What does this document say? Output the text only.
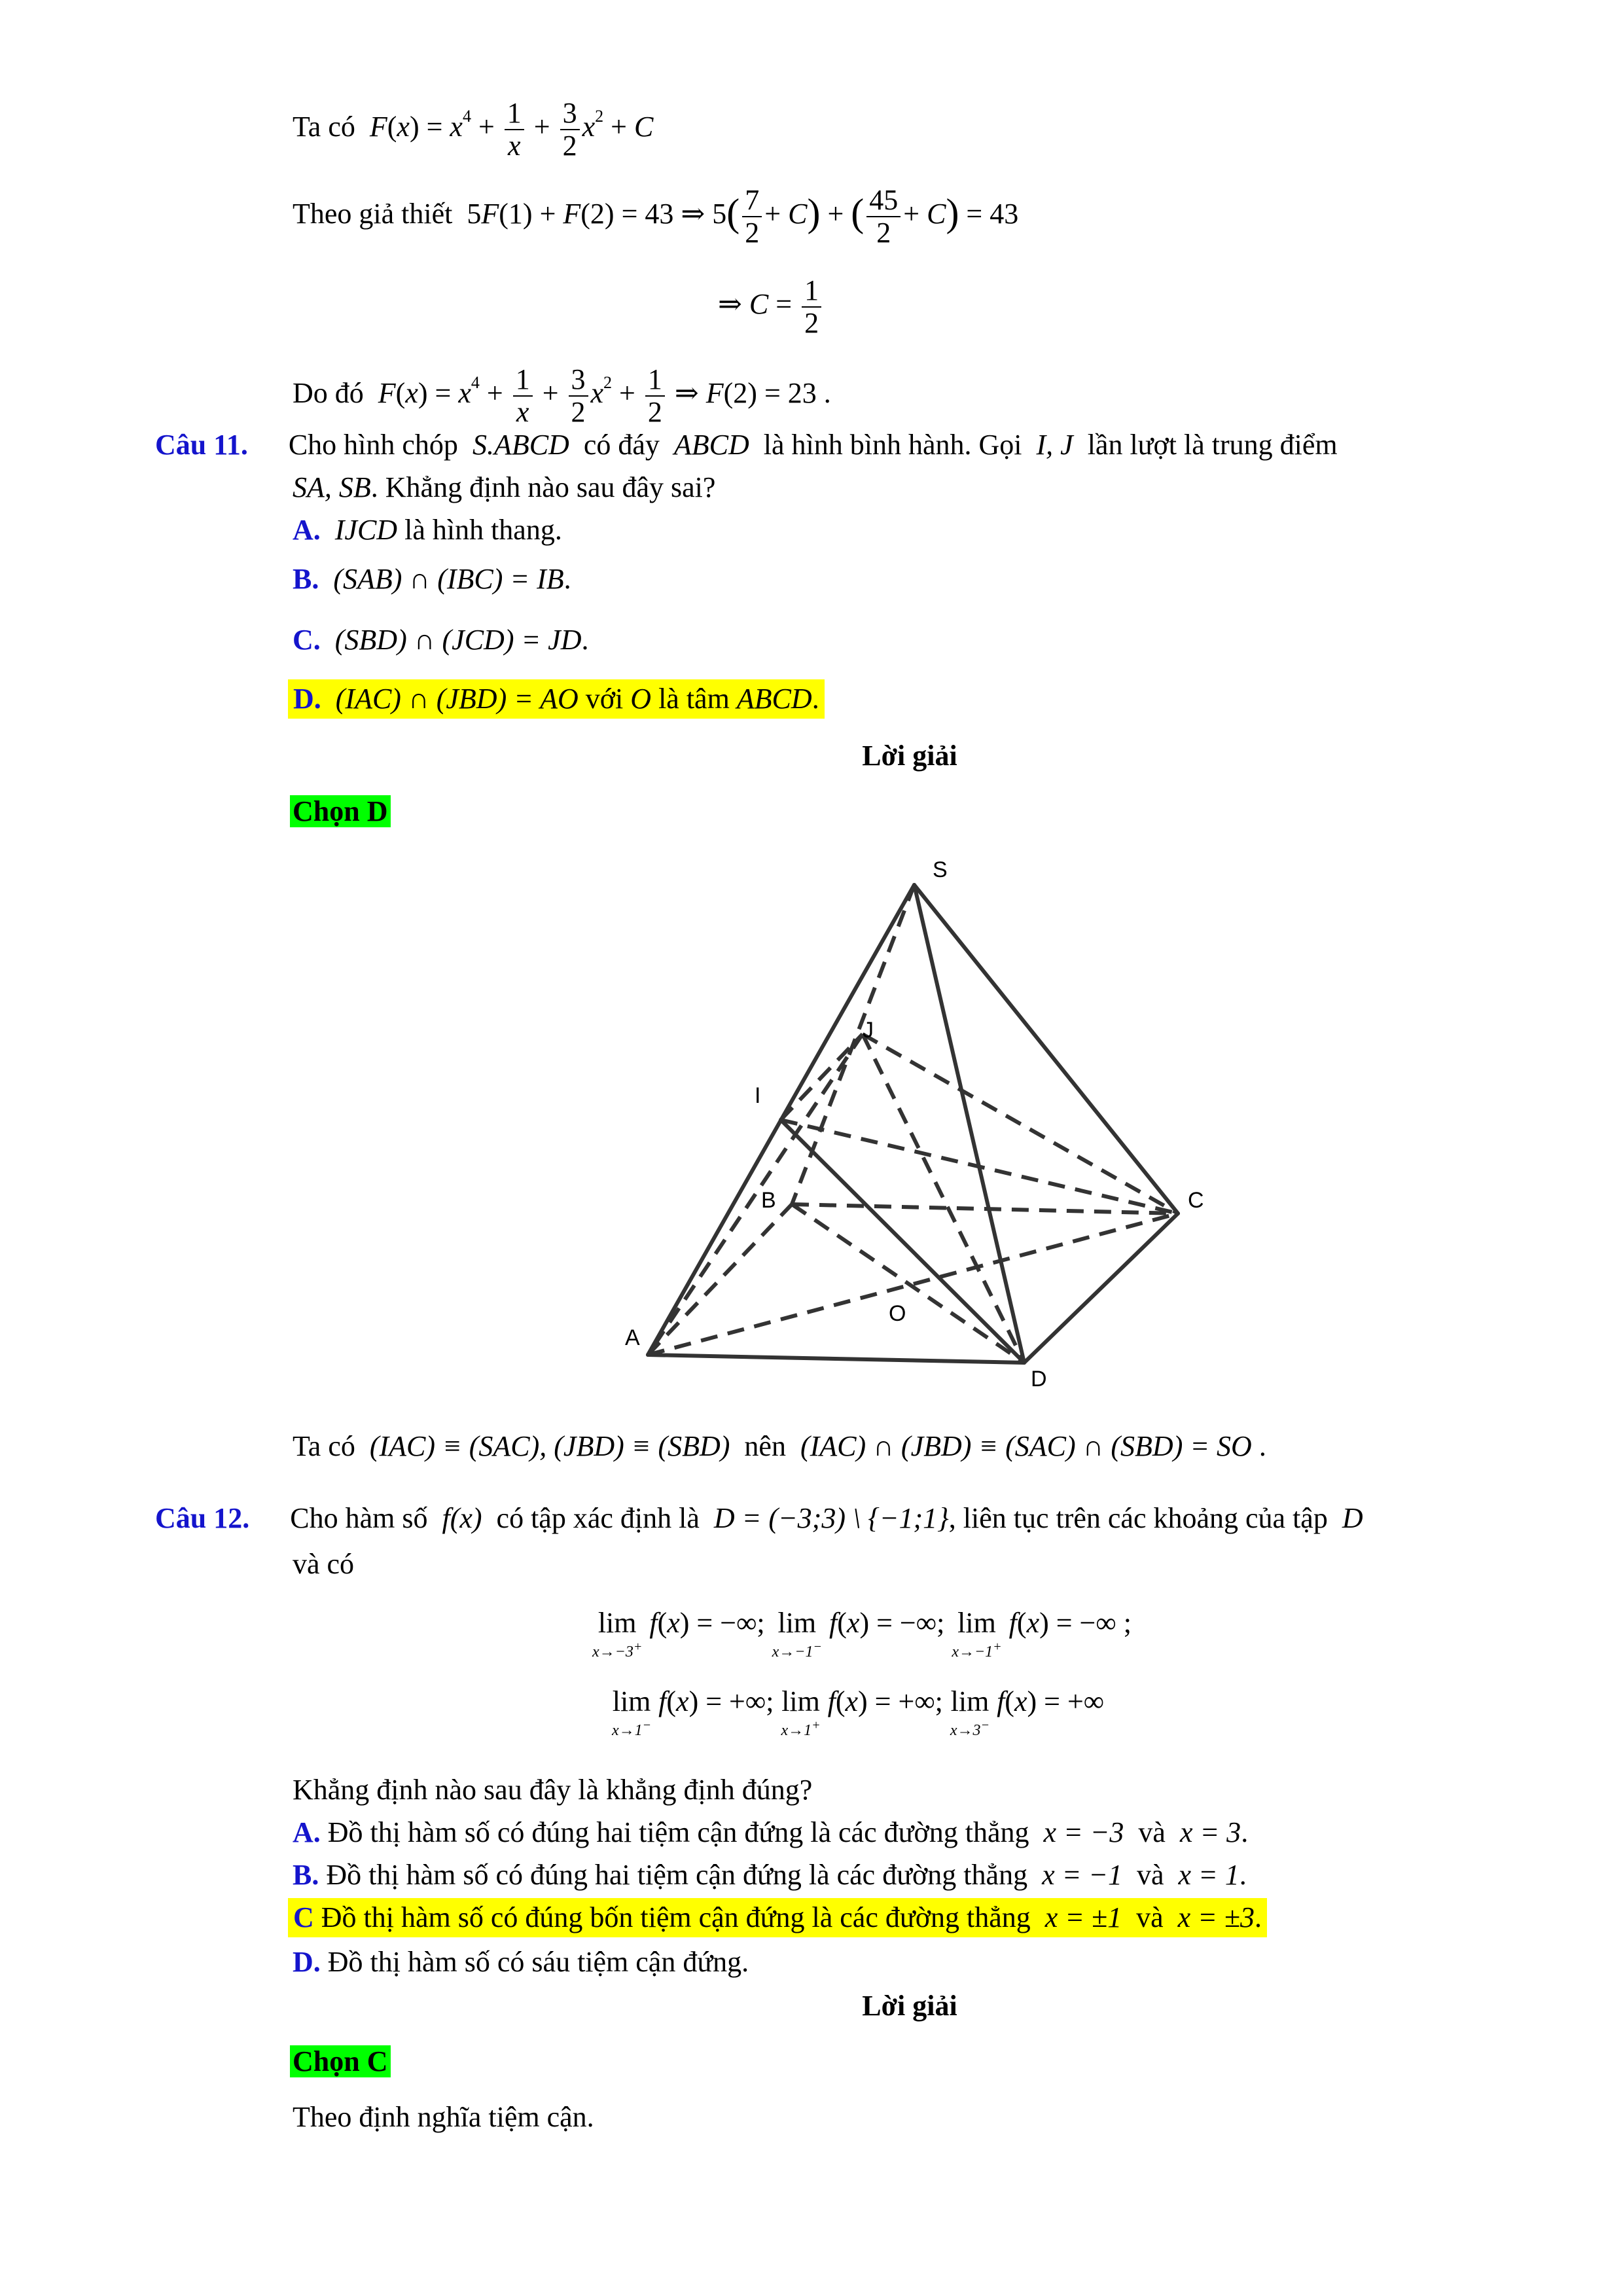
Ta có $F(x) = x^4 + \frac{1}{x} + \frac{3}{2} x^2 + C$
Theo giả thiết  5F(1) + F(2) = 43 ⇒ $5( \frac{7}{2} + C)$ + ( $\frac{45}{2} + C) = 43$
⇒ $C = \frac{1}{2}$
Do đó $F(x) = x^4 + \frac{1}{x} + \frac{3}{2} x^2 + \frac{1}{2}$ ⇒ F(2) = 23 .
Câu 11. Cho hình chóp S.ABCD có đáy ABCD là hình bình hành. Gọi I, J lần lượt là trung điểm
SA, SB. Khẳng định nào sau đây sai?
A. IJCD là hình thang.
B. (SAB) ∩ (IBC) = IB.
C. (SBD) ∩ (JCD) = JD.
D. (IAC) ∩ (JBD) = AO với O là tâm ABCD.
Lời giải
Chọn D
S
J
I
B	C
O
A
D
Ta có (IAC) ≡ (SAC), (JBD) ≡ (SBD) nên (IAC) ∩ (JBD) ≡ (SAC) ∩ (SBD) = SO .
Câu 12. Cho hàm số f(x) có tập xác định là D = (−3;3) \ {−1;1}, liên tục trên các khoảng của tập D
và có
lim
x→−3+
f(x) = −∞; lim
x→−1−
f(x) = −∞; lim
x→−1+
f(x) = −∞ ;
lim
x→1−
f(x) = +∞; lim
x→1+
f(x) = +∞; lim
x→3−
f(x) = +∞
Khẳng định nào sau đây là khẳng định đúng?
A. Đồ thị hàm số có đúng hai tiệm cận đứng là các đường thẳng x = −3 và x = 3.
B. Đồ thị hàm số có đúng hai tiệm cận đứng là các đường thẳng x = −1 và x = 1.
C Đồ thị hàm số có đúng bốn tiệm cận đứng là các đường thẳng x = ±1 và x = ±3.
D. Đồ thị hàm số có sáu tiệm cận đứng.
Lời giải
Chọn C
Theo định nghĩa tiệm cận.
